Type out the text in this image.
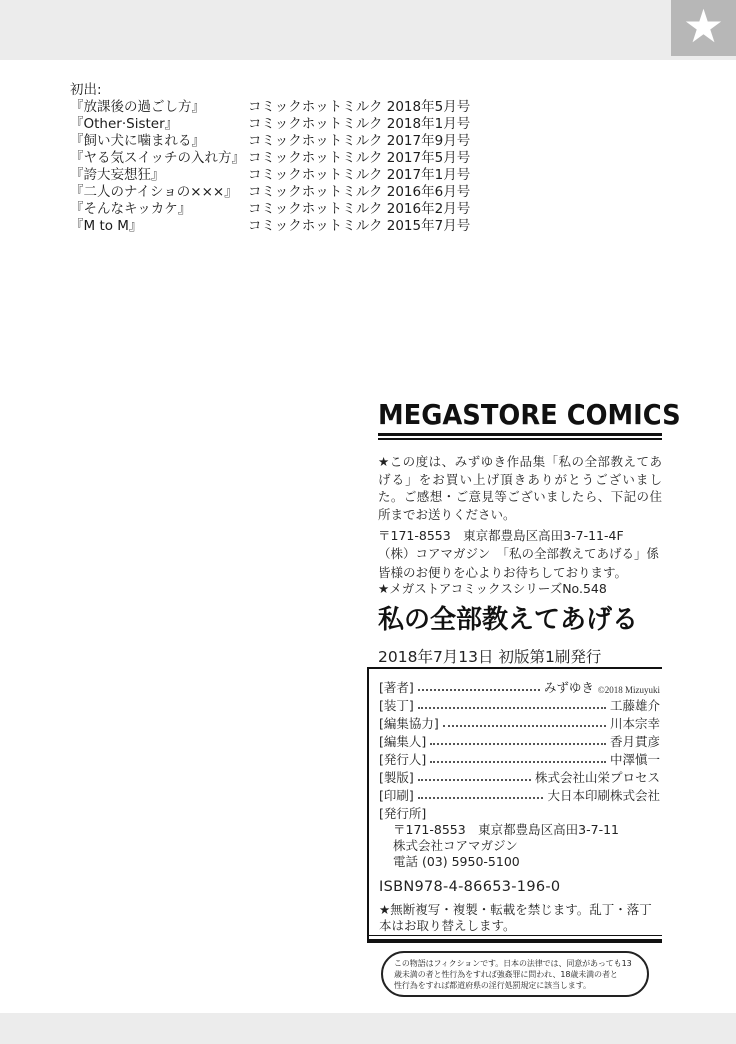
★
初出:
『放課後の過ごし方』	コミックホットミルク 2018年5月号
『Other·Sister』	コミックホットミルク 2018年1月号
『飼い犬に噛まれる』	コミックホットミルク 2017年9月号
『ヤる気スイッチの入れ方』 コミックホットミルク 2017年5月号
『誇大妄想狂』	コミックホットミルク 2017年1月号
『二人のナイショの×××』 コミックホットミルク 2016年6月号
『そんなキッカケ』	コミックホットミルク 2016年2月号
『M to M』	コミックホットミルク 2015年7月号
MEGASTORE COMICS
★この度は、みずゆき作品集「私の全部教えてあげる」をお買い上げ頂きありがとうございました。ご感想・ご意見等ございましたら、下記の住所までお送りください。
〒171-8553　東京都豊島区高田3-7-11-4F
（株）コアマガジン　「私の全部教えてあげる」係
皆様のお便りを心よりお待ちしております。
★メガストアコミックスシリーズNo.548
私の全部教えてあげる
2018年7月13日 初版第1刷発行
[著者]	みずゆき ©2018 Mizuyuki
[装丁]	工藤雄介
[編集協力]	川本宗幸
[編集人]	香月貫彦
[発行人]	中澤愼一
[製版]	株式会社山栄プロセス
[印刷]	大日本印刷株式会社
[発行所]
〒171-8553　東京都豊島区高田3-7-11
株式会社コアマガジン
電話 (03) 5950-5100
ISBN978-4-86653-196-0
★無断複写・複製・転載を禁じます。乱丁・落丁
本はお取り替えします。
この物語はフィクションです。日本の法律では、同意があっても13
歳未満の者と性行為をすれば強姦罪に問われ、18歳未満の者と
性行為をすれば都道府県の淫行処罰規定に該当します。
